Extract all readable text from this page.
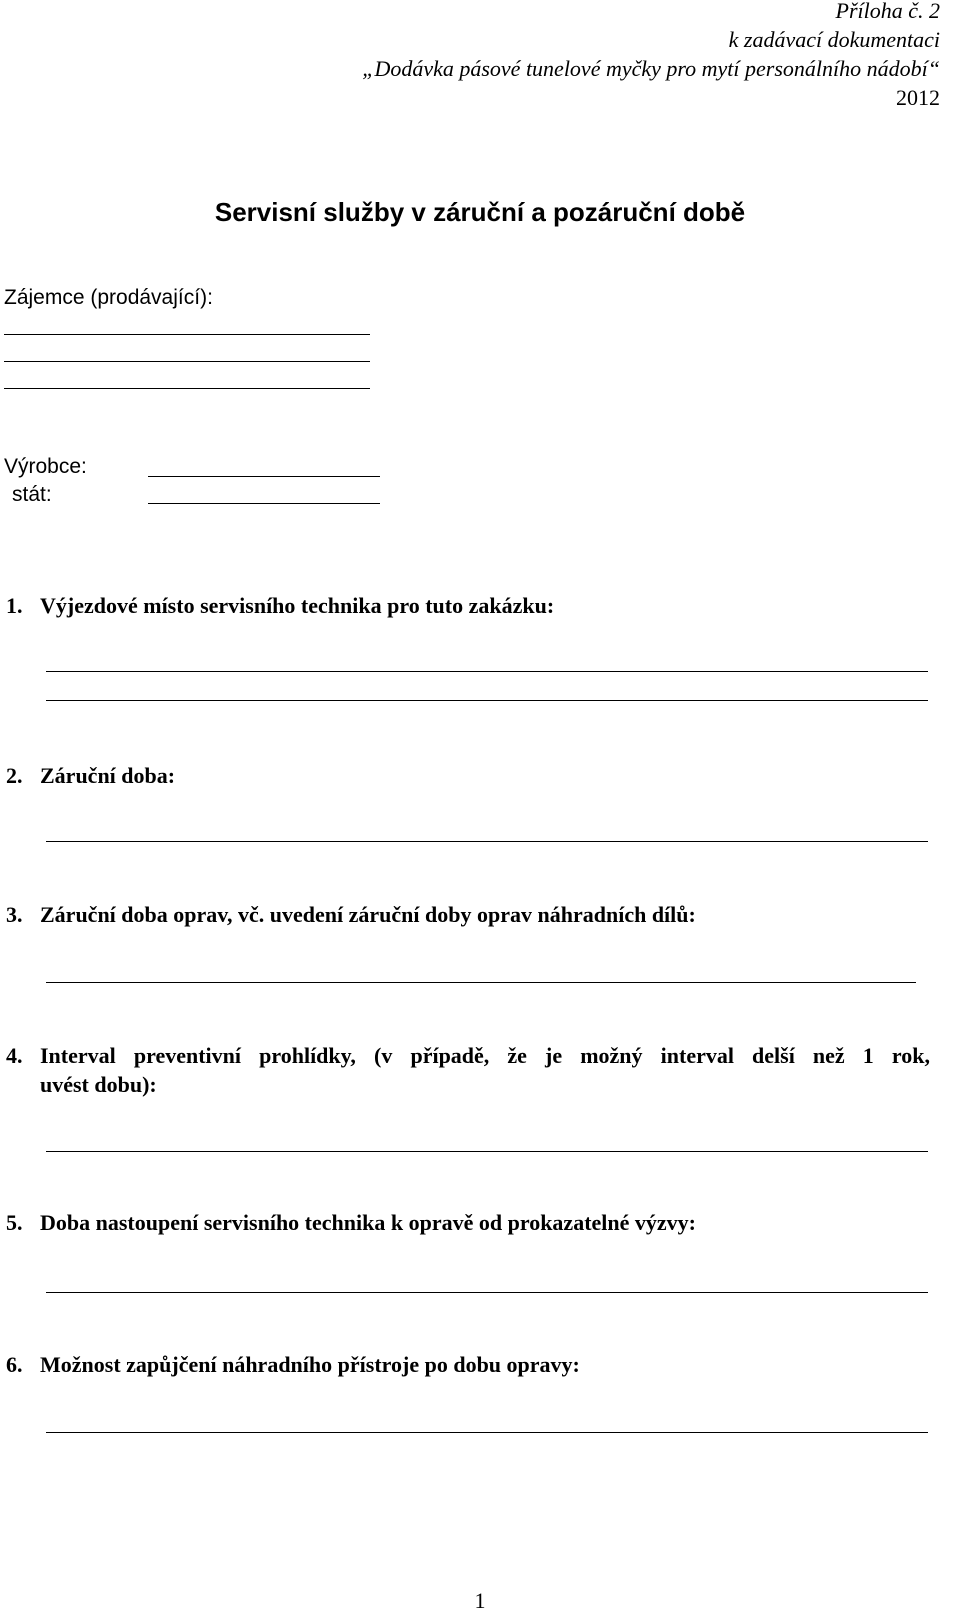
Příloha č. 2
k zadávací dokumentaci
„Dodávka pásové tunelové myčky pro mytí personálního nádobí“
2012
Servisní služby v záruční a pozáruční době
Zájemce (prodávající):
Výrobce:
stát:
1. Výjezdové místo servisního technika pro tuto zakázku:
2. Záruční doba:
3. Záruční doba oprav, vč. uvedení záruční doby oprav náhradních dílů:
4. Interval preventivní prohlídky, (v případě, že je možný interval delší než 1 rok,
uvést dobu):
5. Doba nastoupení servisního technika k opravě od prokazatelné výzvy:
6. Možnost zapůjčení náhradního přístroje po dobu opravy:
1
